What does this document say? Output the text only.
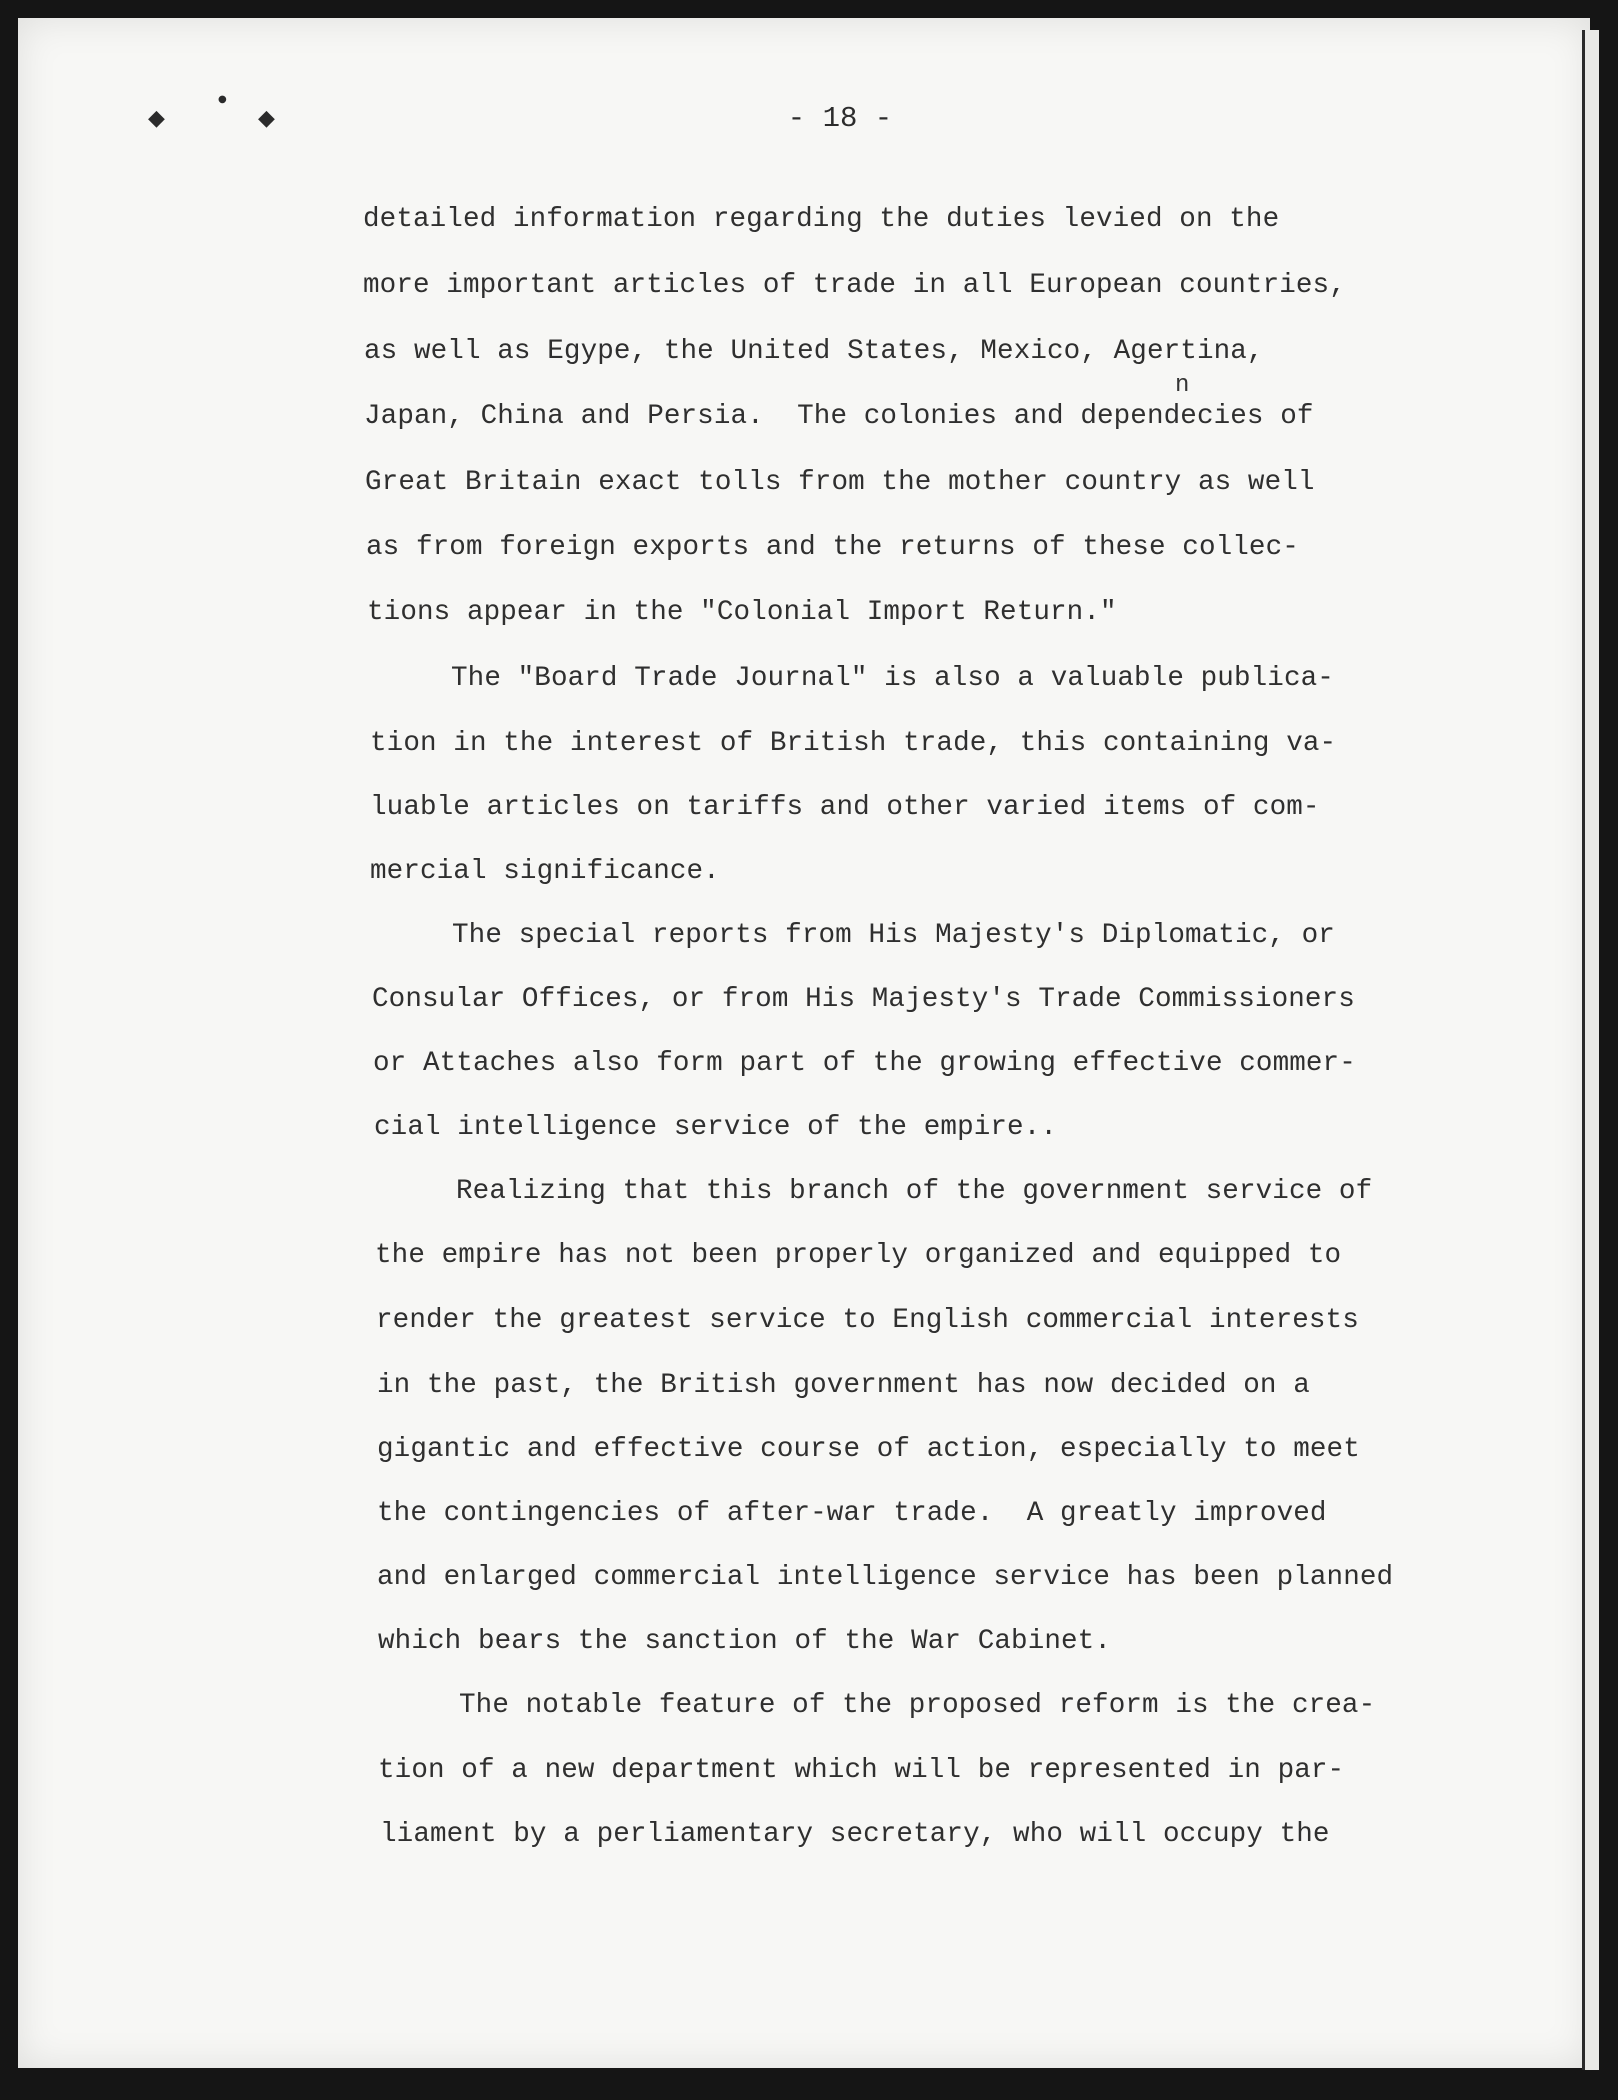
◆
●
◆	- 18 -
detailed information regarding the duties levied on the
more important articles of trade in all European countries,
as well as Egype, the United States, Mexico, Agertina,
n
Japan, China and Persia.  The colonies and dependecies of
Great Britain exact tolls from the mother country as well
as from foreign exports and the returns of these collec-
tions appear in the "Colonial Import Return."
The "Board Trade Journal" is also a valuable publica-
tion in the interest of British trade, this containing va-
luable articles on tariffs and other varied items of com-
mercial significance.
The special reports from His Majesty's Diplomatic, or
Consular Offices, or from His Majesty's Trade Commissioners
or Attaches also form part of the growing effective commer-
cial intelligence service of the empire..
Realizing that this branch of the government service of
the empire has not been properly organized and equipped to
render the greatest service to English commercial interests
in the past, the British government has now decided on a
gigantic and effective course of action, especially to meet
the contingencies of after-war trade.  A greatly improved
and enlarged commercial intelligence service has been planned
which bears the sanction of the War Cabinet.
The notable feature of the proposed reform is the crea-
tion of a new department which will be represented in par-
liament by a perliamentary secretary, who will occupy the
